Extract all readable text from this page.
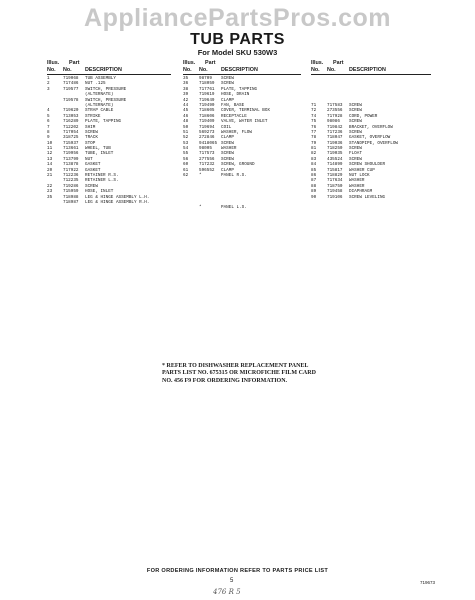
AppliancePartsPros.com
TUB PARTS
For Model SKU 530W3
Illus. Part
No. No. DESCRIPTION
1	719068	TUB ASSEMBLY
2	717486	NUT .125
3	719577	SWITCH, PRESSURE
(ALTERNATE)
719578	SWITCH, PRESSURE
(ALTERNATE)
4	719620	STRAP CABLE
5	713053	STRIKE
6	716289	PLATE, TAPPING
7	712202	SHIM
8	717054	SCREW
9	318725	TRACK
10	715937	STOP
11	713661	WHEEL, TUB
12	719956	TUBE, INLET
13	713799	NUT
14	713878	GASKET
20	717922	GASKET
21	712236	RETAINER R.S.
712235	RETAINER L.S.
22	719286	SCREW
23	715959	HOSE, INLET
35	718988	LEG & HINGE ASSEMBLY L.H.
718987	LEG & HINGE ASSEMBLY R.H.
Illus. Part
No. No. DESCRIPTION
35	98709	SCREW
36	718059	SCREW
38	717761	PLATE, TAPPING
39	719619	HOSE, DRAIN
42	719649	CLAMP
44	719490	FAN, BASE
45	718605	COVER, TERMINAL BOX
46	718606	RECEPTACLE
48	719409	VALVE, WATER INLET
50	719694	COIL
51	569273	WASHER, FLOW
52	272846	CLAMP
53	9418065 SCREW
54	98005	WASHER
55	717573	SCREW
56	277556	SCREW
60	717232	SCREW, GROUND
61	596552	CLAMP
62	*	PANEL R.S.
*	PANEL L.S.
Illus. Part
No. No. DESCRIPTION
71	717583	SCREW
72	273556	SCREW
74	717928	CORD, POWER
75	98086	SCREW
76	719842	BRACKET, OVERFLOW
77	717236	SCREW
78	718047	GASKET, OVERFLOW
79	719036	STANDPIPE, OVERFLOW
81	718250	SCREW
82	719035	FLOAT
83	435524	SCREW
84	714899	SCREW SHOULDER
85	715817	WASHER CUP
86	718829	NUT LOCK
87	717634	WASHER
88	718750	WASHER
89	719458	DIAPHRAGM
90	719106	SCREW LEVELING
* REFER TO DISHWASHER REPLACEMENT PANEL PARTS LIST NO. 675315 OR MICROFICHE FILM CARD NO. 456 F9 FOR ORDERING INFORMATION.
FOR ORDERING INFORMATION REFER TO PARTS PRICE LIST
5	719673
476 R 5
